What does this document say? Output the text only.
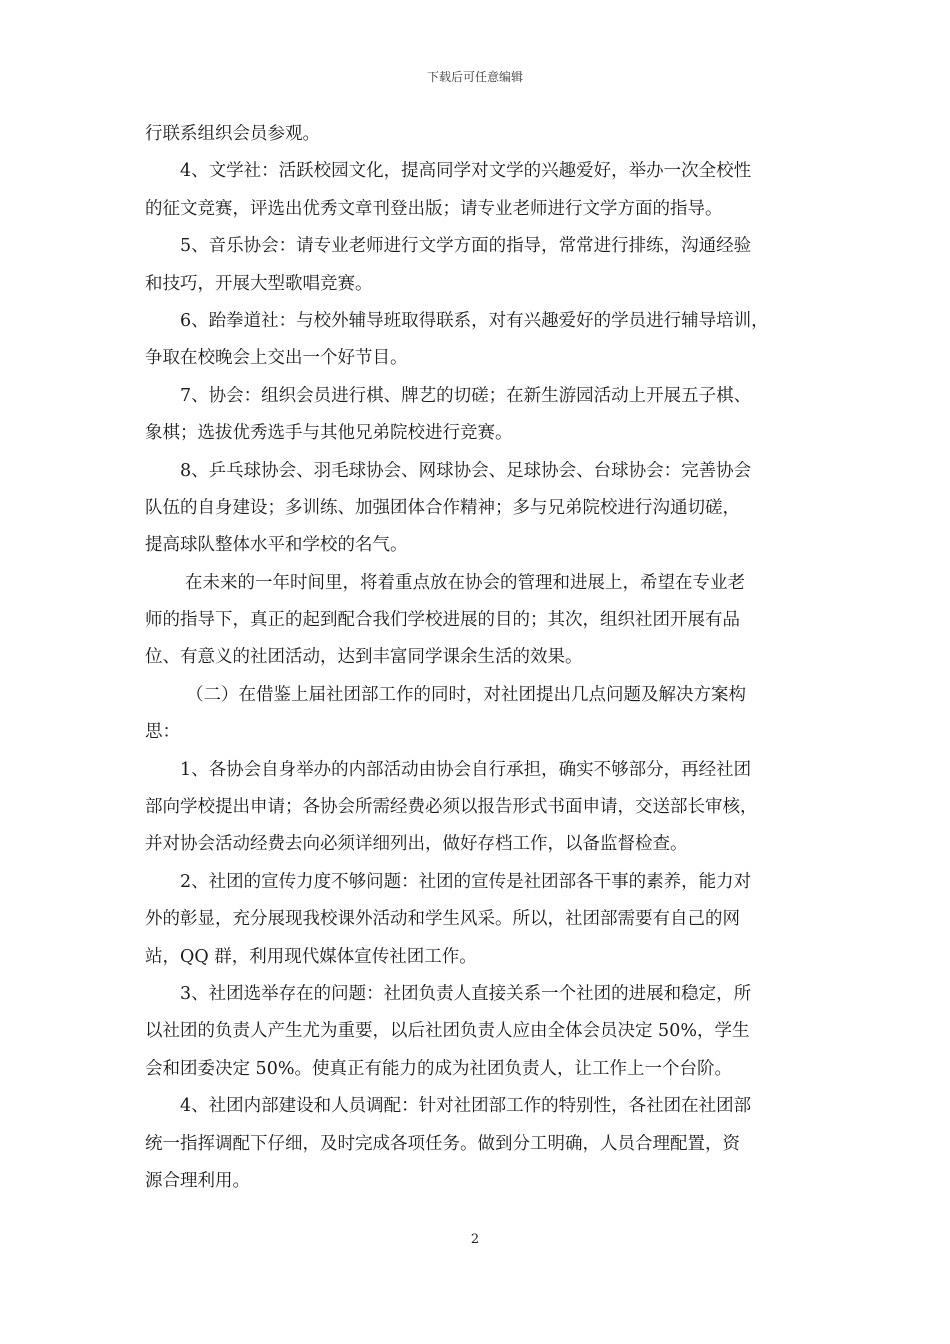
下载后可任意编辑
行联系组织会员参观。
4、文学社：活跃校园文化，提高同学对文学的兴趣爱好，举办一次全校性
的征文竞赛，评选出优秀文章刊登出版；请专业老师进行文学方面的指导。
5、音乐协会：请专业老师进行文学方面的指导，常常进行排练，沟通经验
和技巧，开展大型歌唱竞赛。
6、跆拳道社：与校外辅导班取得联系，对有兴趣爱好的学员进行辅导培训，
争取在校晚会上交出一个好节目。
7、协会：组织会员进行棋、牌艺的切磋；在新生游园活动上开展五子棋、
象棋；选拔优秀选手与其他兄弟院校进行竞赛。
8、乒乓球协会、羽毛球协会、网球协会、足球协会、台球协会：完善协会
队伍的自身建设；多训练、加强团体合作精神；多与兄弟院校进行沟通切磋，
提高球队整体水平和学校的名气。
在未来的一年时间里，将着重点放在协会的管理和进展上，希望在专业老
师的指导下，真正的起到配合我们学校进展的目的；其次，组织社团开展有品
位、有意义的社团活动，达到丰富同学课余生活的效果。
（二）在借鉴上届社团部工作的同时，对社团提出几点问题及解决方案构
思：
1、各协会自身举办的内部活动由协会自行承担，确实不够部分，再经社团
部向学校提出申请；各协会所需经费必须以报告形式书面申请，交送部长审核，
并对协会活动经费去向必须详细列出，做好存档工作，以备监督检查。
2、社团的宣传力度不够问题：社团的宣传是社团部各干事的素养，能力对
外的彰显，充分展现我校课外活动和学生风采。所以，社团部需要有自己的网
站，QQ 群，利用现代媒体宣传社团工作。
3、社团选举存在的问题：社团负责人直接关系一个社团的进展和稳定，所
以社团的负责人产生尤为重要，以后社团负责人应由全体会员决定 50%，学生
会和团委决定 50%。使真正有能力的成为社团负责人，让工作上一个台阶。
4、社团内部建设和人员调配：针对社团部工作的特别性，各社团在社团部
统一指挥调配下仔细，及时完成各项任务。做到分工明确，人员合理配置，资
源合理利用。
2
